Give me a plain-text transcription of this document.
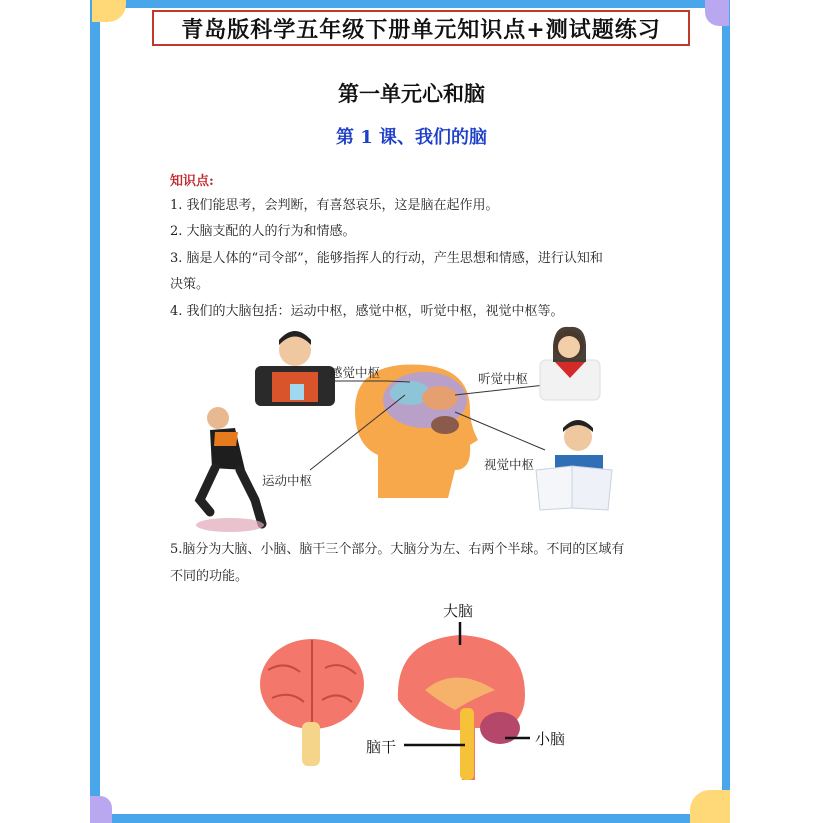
青岛版科学五年级下册单元知识点+测试题练习
第一单元心和脑
第 1 课、我们的脑
知识点:
1. 我们能思考，会判断，有喜怒哀乐，这是脑在起作用。
2. 大脑支配的人的行为和情感。
3. 脑是人体的“司令部”，能够指挥人的行动，产生思想和情感，进行认知和
决策。
4. 我们的大脑包括：运动中枢，感觉中枢，听觉中枢，视觉中枢等。
5.脑分为大脑、小脑、脑干三个部分。大脑分为左、右两个半球。不同的区域有
不同的功能。
感觉中枢	听觉中枢
运动中枢
视觉中枢
大脑
脑干	小脑
